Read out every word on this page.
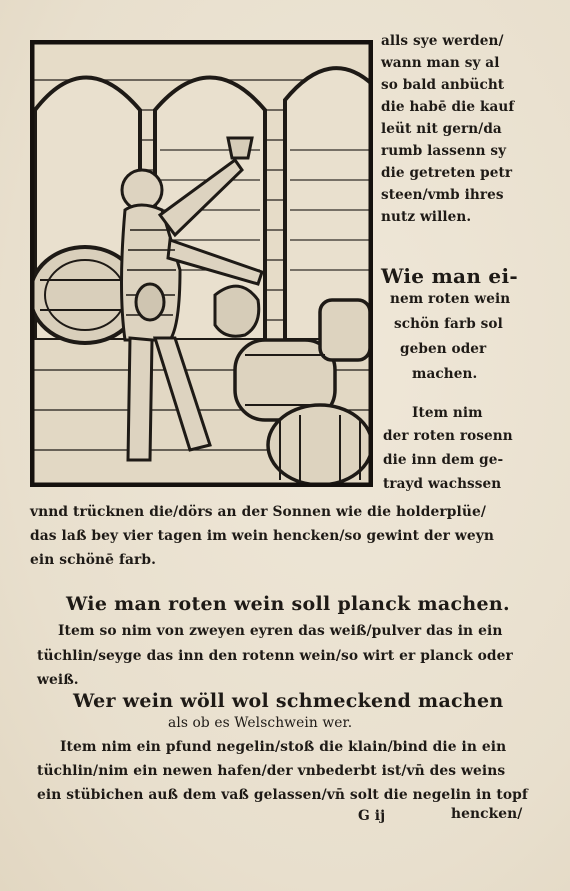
alls sye werden/
wann man sy al
so bald anbücht
die habē die kauf
leüt nit gern/da
rumb lassenn sy
die getreten petr
steen/vmb ihres
nutz willen.
Wie man ei-
nem roten wein
schön farb sol
geben oder
machen.
Item nim
der roten rosenn
die inn dem ge-
trayd wachssen
vnnd trücknen die/dörs an der Sonnen wie die holderplüe/
das laß bey vier tagen im wein hencken/so gewint der weyn
ein schönē farb.
Wie man roten wein soll planck machen.
Item so nim von zweyen eyren das weiß/pulver das in ein
tüchlin/seyge das inn den rotenn wein/so wirt er planck oder
weiß.
Wer wein wöll wol schmeckend machen
als ob es Welschwein wer.
Item nim ein pfund negelin/stoß die klain/bind die in ein
tüchlin/nim ein newen hafen/der vnbederbt ist/vn̄ des weins
ein stübichen auß dem vaß gelassen/vn̄ solt die negelin in topf
G ij	hencken/
